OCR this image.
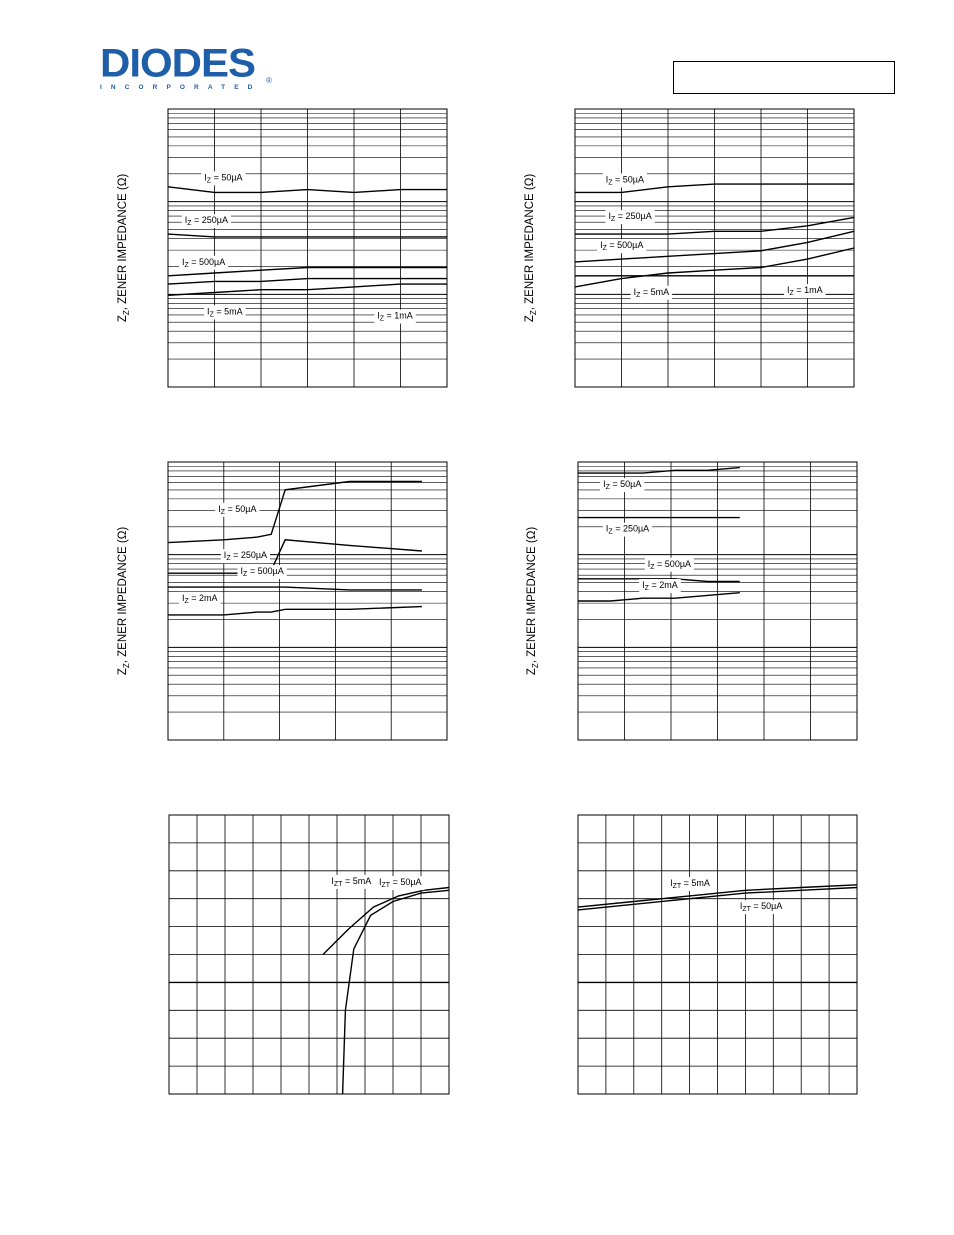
DIODES
INCORPORATED
®
$I_Z = 50\mu A$
$I_Z = 250\mu A$
$I_Z = 500\mu A$
$I_Z = 1mA$
$I_Z = 5mA$
$Z_Z$, ZENER IMPEDANCE (Ω)	$I_Z = 50\mu A$
$I_Z = 250\mu A$
$I_Z = 500\mu A$
$I_Z = 1mA$
$I_Z = 5mA$
$Z_Z$, ZENER IMPEDANCE (Ω)
$I_Z = 50\mu A$
$I_Z = 250\mu A$
$I_Z = 500\mu A$
$I_Z = 2mA$
$Z_Z$, ZENER IMPEDANCE (Ω)
$I_Z = 50\mu A$
$I_Z = 250\mu A$
$I_Z = 500\mu A$
$I_Z = 2mA$
$Z_Z$, ZENER IMPEDANCE (Ω)
$I_{ZT} = 5mA$ $I_{ZT} = 50\mu A$	$I_{ZT} = 5mA$
$I_{ZT} = 50\mu A$
